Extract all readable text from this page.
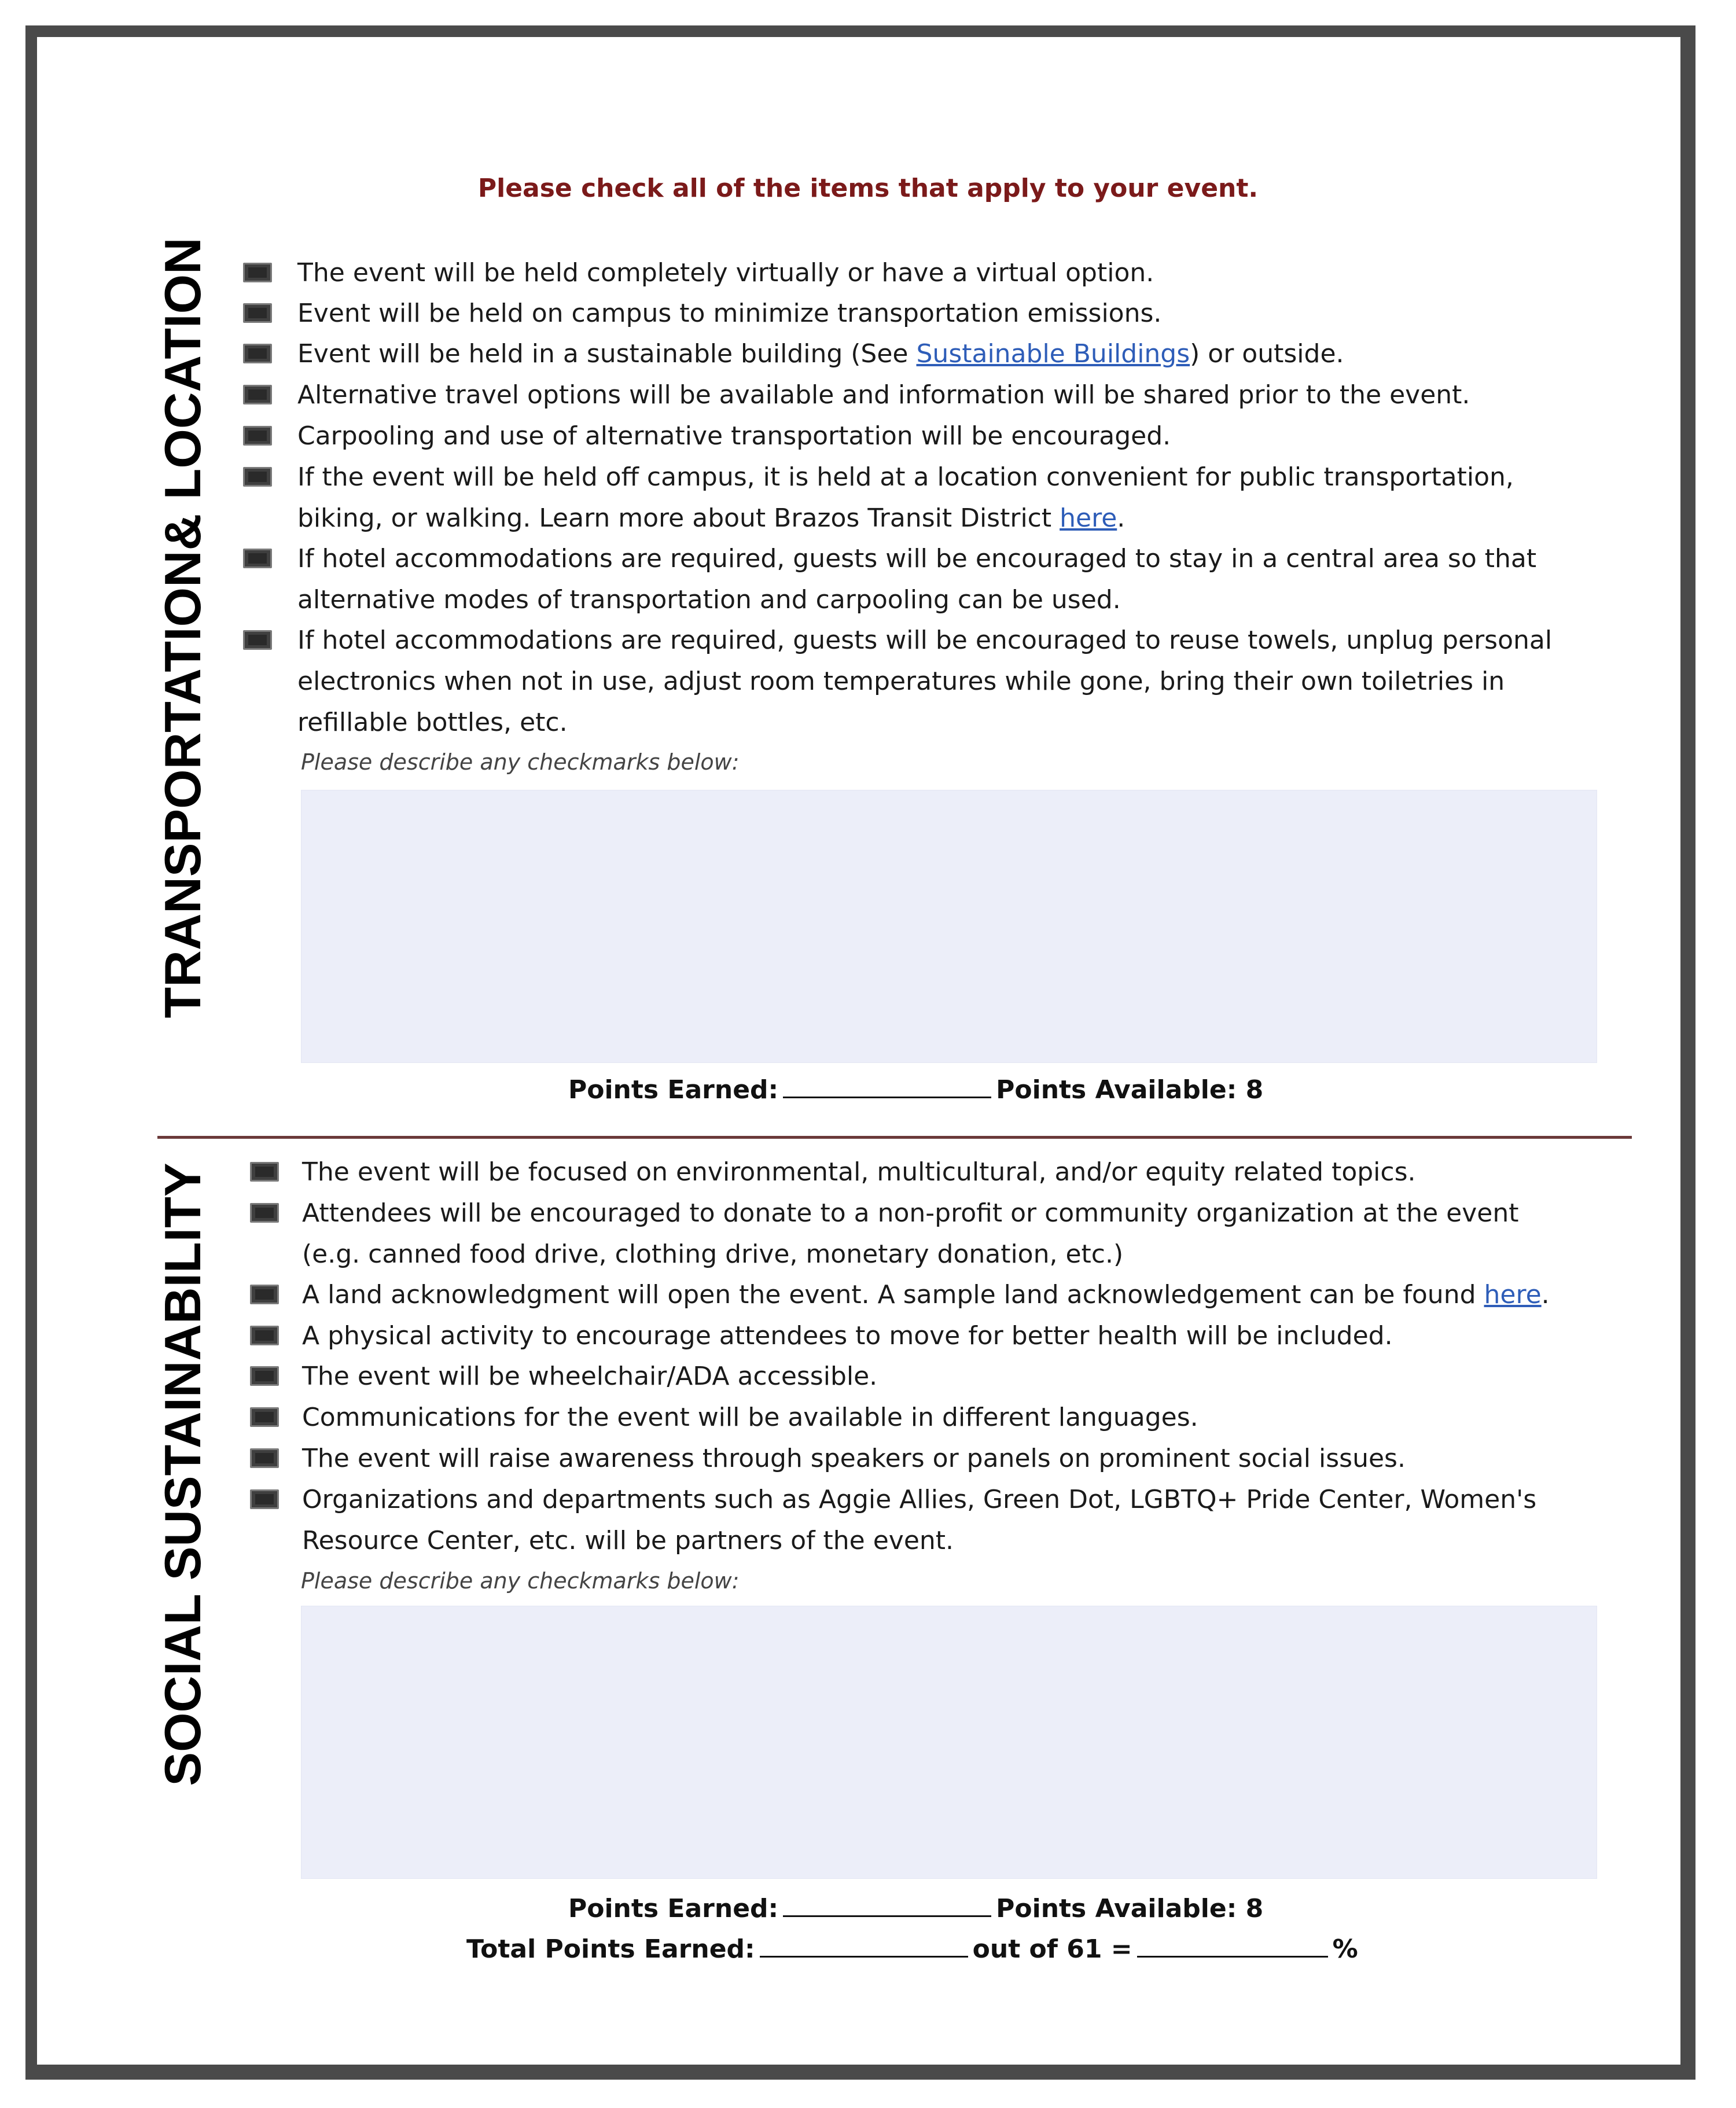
Please check all of the items that apply to your event.
TRANSPORTATION& LOCATION
SOCIAL SUSTAINABILITY
The event will be held completely virtually or have a virtual option.
Event will be held on campus to minimize transportation emissions.
Event will be held in a sustainable building (See Sustainable Buildings) or outside.
Alternative travel options will be available and information will be shared prior to the event.
Carpooling and use of alternative transportation will be encouraged.
If the event will be held off campus, it is held at a location convenient for public transportation,
biking, or walking. Learn more about Brazos Transit District here.
If hotel accommodations are required, guests will be encouraged to stay in a central area so that
alternative modes of transportation and carpooling can be used.
If hotel accommodations are required, guests will be encouraged to reuse towels, unplug personal
electronics when not in use, adjust room temperatures while gone, bring their own toiletries in
refillable bottles, etc.
Please describe any checkmarks below:
Points Earned:	Points Available: 8
The event will be focused on environmental, multicultural, and/or equity related topics.
Attendees will be encouraged to donate to a non-profit or community organization at the event
(e.g. canned food drive, clothing drive, monetary donation, etc.)
A land acknowledgment will open the event. A sample land acknowledgement can be found here.
A physical activity to encourage attendees to move for better health will be included.
The event will be wheelchair/ADA accessible.
Communications for the event will be available in different languages.
The event will raise awareness through speakers or panels on prominent social issues.
Organizations and departments such as Aggie Allies, Green Dot, LGBTQ+ Pride Center, Women's
Resource Center, etc. will be partners of the event.
Please describe any checkmarks below:
Points Earned:	Points Available: 8
Total Points Earned:	out of 61 =	%
